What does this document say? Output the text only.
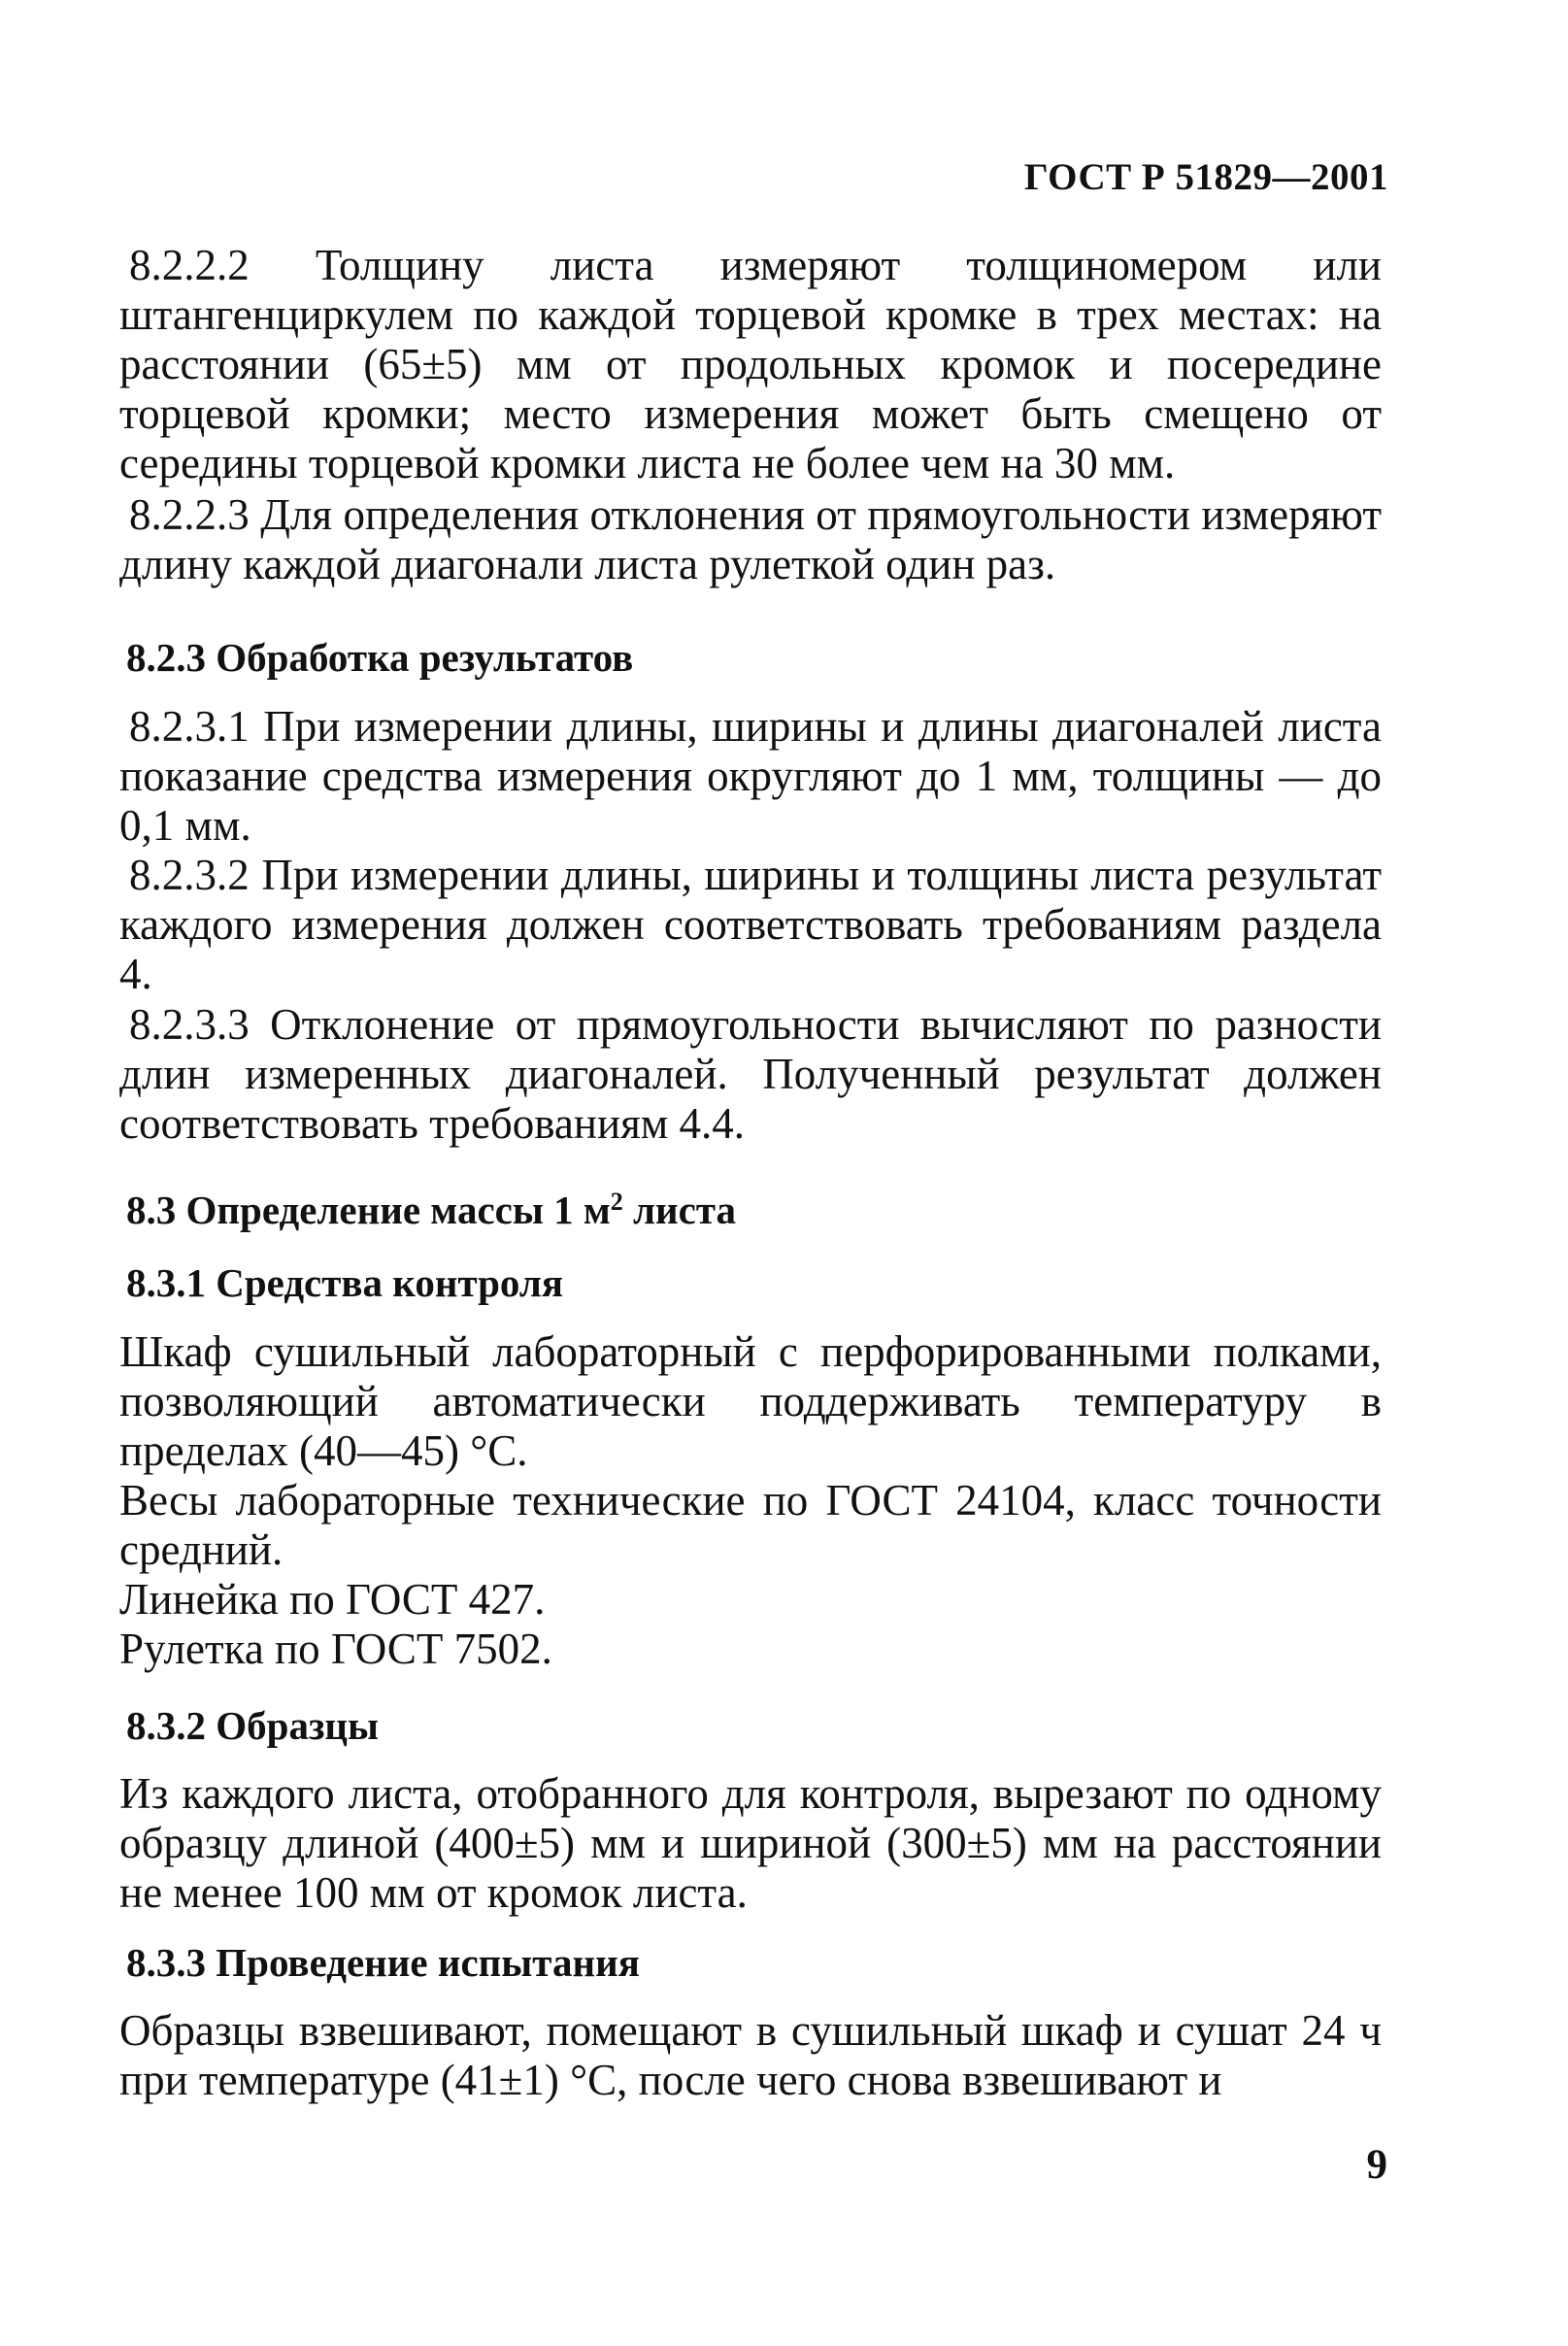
ГОСТ Р 51829—2001
8.2.2.2 Толщину листа измеряют толщиномером или штангенциркулем по каждой торцевой кромке в трех местах: на расстоянии (65±5) мм от продольных кромок и посередине торцевой кромки; место измерения может быть смещено от середины торцевой кромки листа не более чем на 30 мм.
8.2.2.3 Для определения отклонения от прямоугольности измеряют длину каждой диагонали листа рулеткой один раз.
8.2.3 Обработка результатов
8.2.3.1 При измерении длины, ширины и длины диагоналей листа показание средства измерения округляют до 1 мм, толщины — до 0,1 мм.
8.2.3.2 При измерении длины, ширины и толщины листа результат каждого измерения должен соответствовать требованиям раздела 4.
8.2.3.3 Отклонение от прямоугольности вычисляют по разности длин измеренных диагоналей. Полученный результат должен соответствовать требованиям 4.4.
8.3 Определение массы 1 $м^2$ листа
8.3.1 Средства контроля
Шкаф сушильный лабораторный с перфорированными полками, позволяющий автоматически поддерживать температуру в пределах (40—45) °С.
Весы лабораторные технические по ГОСТ 24104, класс точности средний.
Линейка по ГОСТ 427.
Рулетка по ГОСТ 7502.
8.3.2 Образцы
Из каждого листа, отобранного для контроля, вырезают по одному образцу длиной (400±5) мм и шириной (300±5) мм на расстоянии не менее 100 мм от кромок листа.
8.3.3 Проведение испытания
Образцы взвешивают, помещают в сушильный шкаф и сушат 24 ч при температуре (41±1) °С, после чего снова взвешивают и
9
